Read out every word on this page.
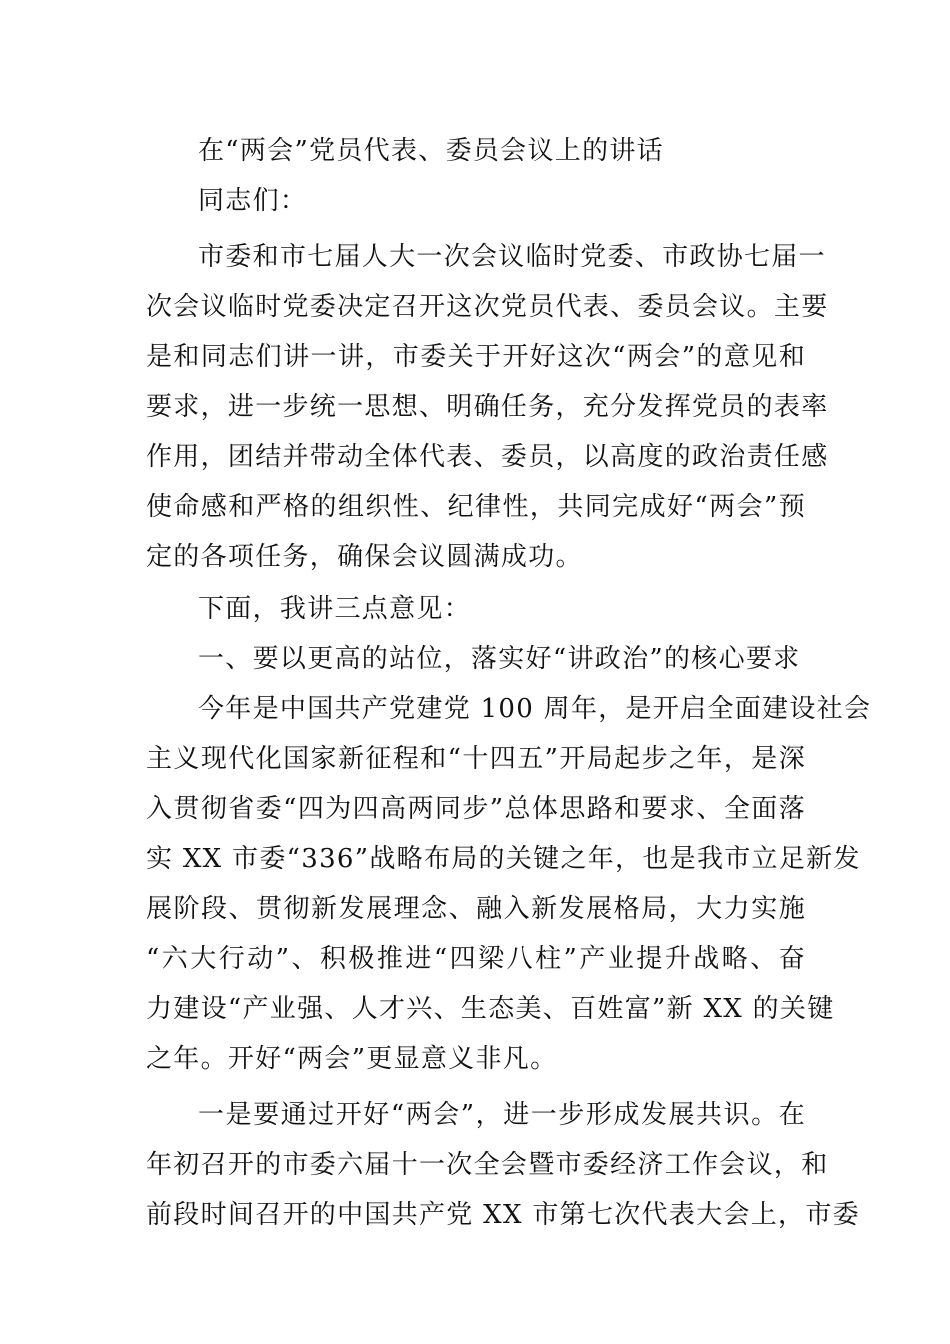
在“两会”党员代表、委员会议上的讲话
同志们：
市委和市七届人大一次会议临时党委、市政协七届一
次会议临时党委决定召开这次党员代表、委员会议。主要
是和同志们讲一讲，市委关于开好这次“两会”的意见和
要求，进一步统一思想、明确任务，充分发挥党员的表率
作用，团结并带动全体代表、委员，以高度的政治责任感
使命感和严格的组织性、纪律性，共同完成好“两会”预
定的各项任务，确保会议圆满成功。
下面，我讲三点意见：
一、要以更高的站位，落实好“讲政治”的核心要求
今年是中国共产党建党 100 周年，是开启全面建设社会
主义现代化国家新征程和“十四五”开局起步之年，是深
入贯彻省委“四为四高两同步”总体思路和要求、全面落
实 XX 市委“336”战略布局的关键之年，也是我市立足新发
展阶段、贯彻新发展理念、融入新发展格局，大力实施
“六大行动”、积极推进“四梁八柱”产业提升战略、奋
力建设“产业强、人才兴、生态美、百姓富”新 XX 的关键
之年。开好“两会”更显意义非凡。
一是要通过开好“两会”，进一步形成发展共识。在
年初召开的市委六届十一次全会暨市委经济工作会议，和
前段时间召开的中国共产党 XX 市第七次代表大会上，市委
